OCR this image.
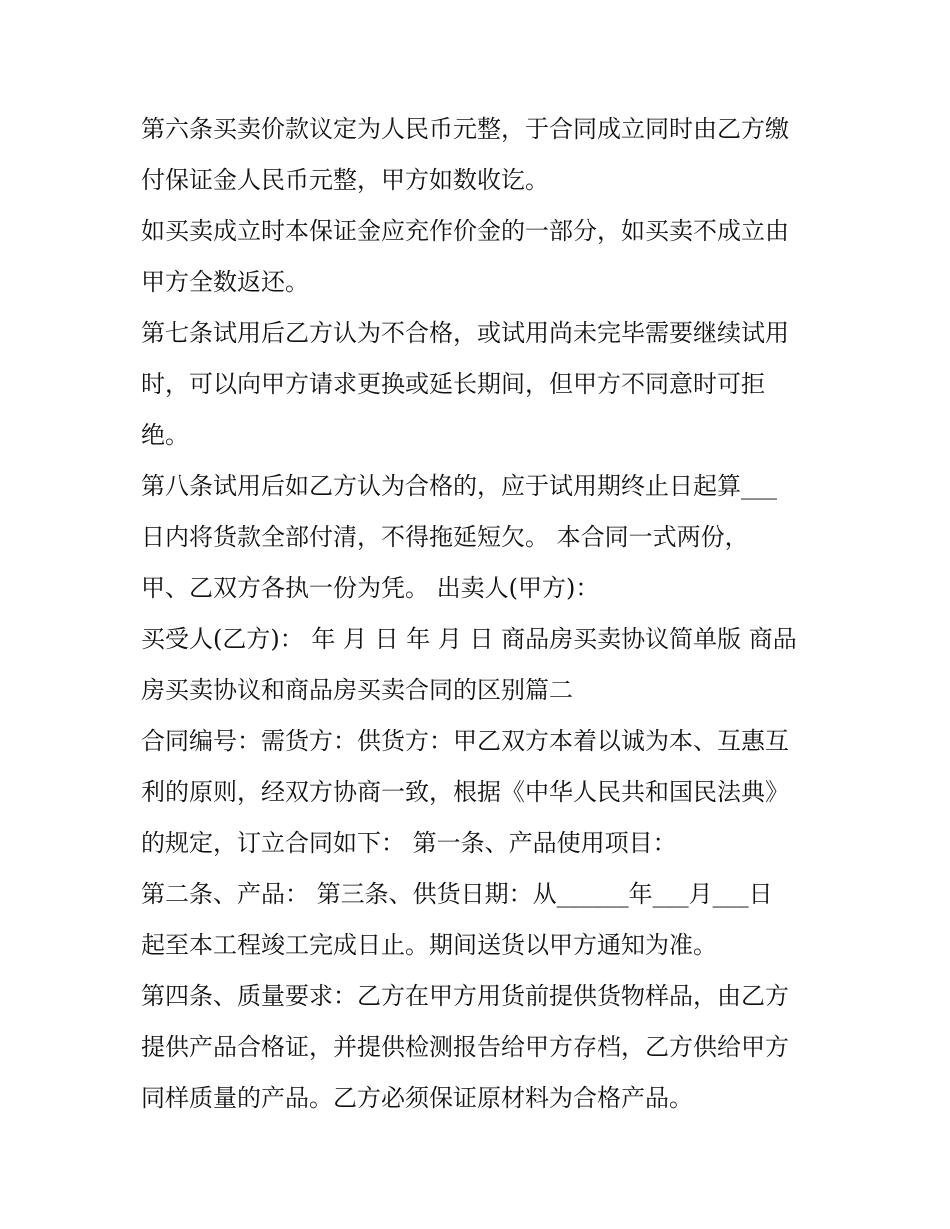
第六条买卖价款议定为人民币元整，于合同成立同时由乙方缴
付保证金人民币元整，甲方如数收讫。
如买卖成立时本保证金应充作价金的一部分，如买卖不成立由
甲方全数返还。
第七条试用后乙方认为不合格，或试用尚未完毕需要继续试用
时，可以向甲方请求更换或延长期间，但甲方不同意时可拒
绝。
第八条试用后如乙方认为合格的，应于试用期终止日起算___
日内将货款全部付清，不得拖延短欠。 本合同一式两份，
甲、乙双方各执一份为凭。 出卖人(甲方)：
买受人(乙方)： 年 月 日 年 月 日 商品房买卖协议简单版 商品
房买卖协议和商品房买卖合同的区别篇二
合同编号：需货方：供货方：甲乙双方本着以诚为本、互惠互
利的原则，经双方协商一致，根据《中华人民共和国民法典》
的规定，订立合同如下： 第一条、产品使用项目：
第二条、产品： 第三条、供货日期：从______年___月___日
起至本工程竣工完成日止。期间送货以甲方通知为准。
第四条、质量要求：乙方在甲方用货前提供货物样品，由乙方
提供产品合格证，并提供检测报告给甲方存档，乙方供给甲方
同样质量的产品。乙方必须保证原材料为合格产品。
